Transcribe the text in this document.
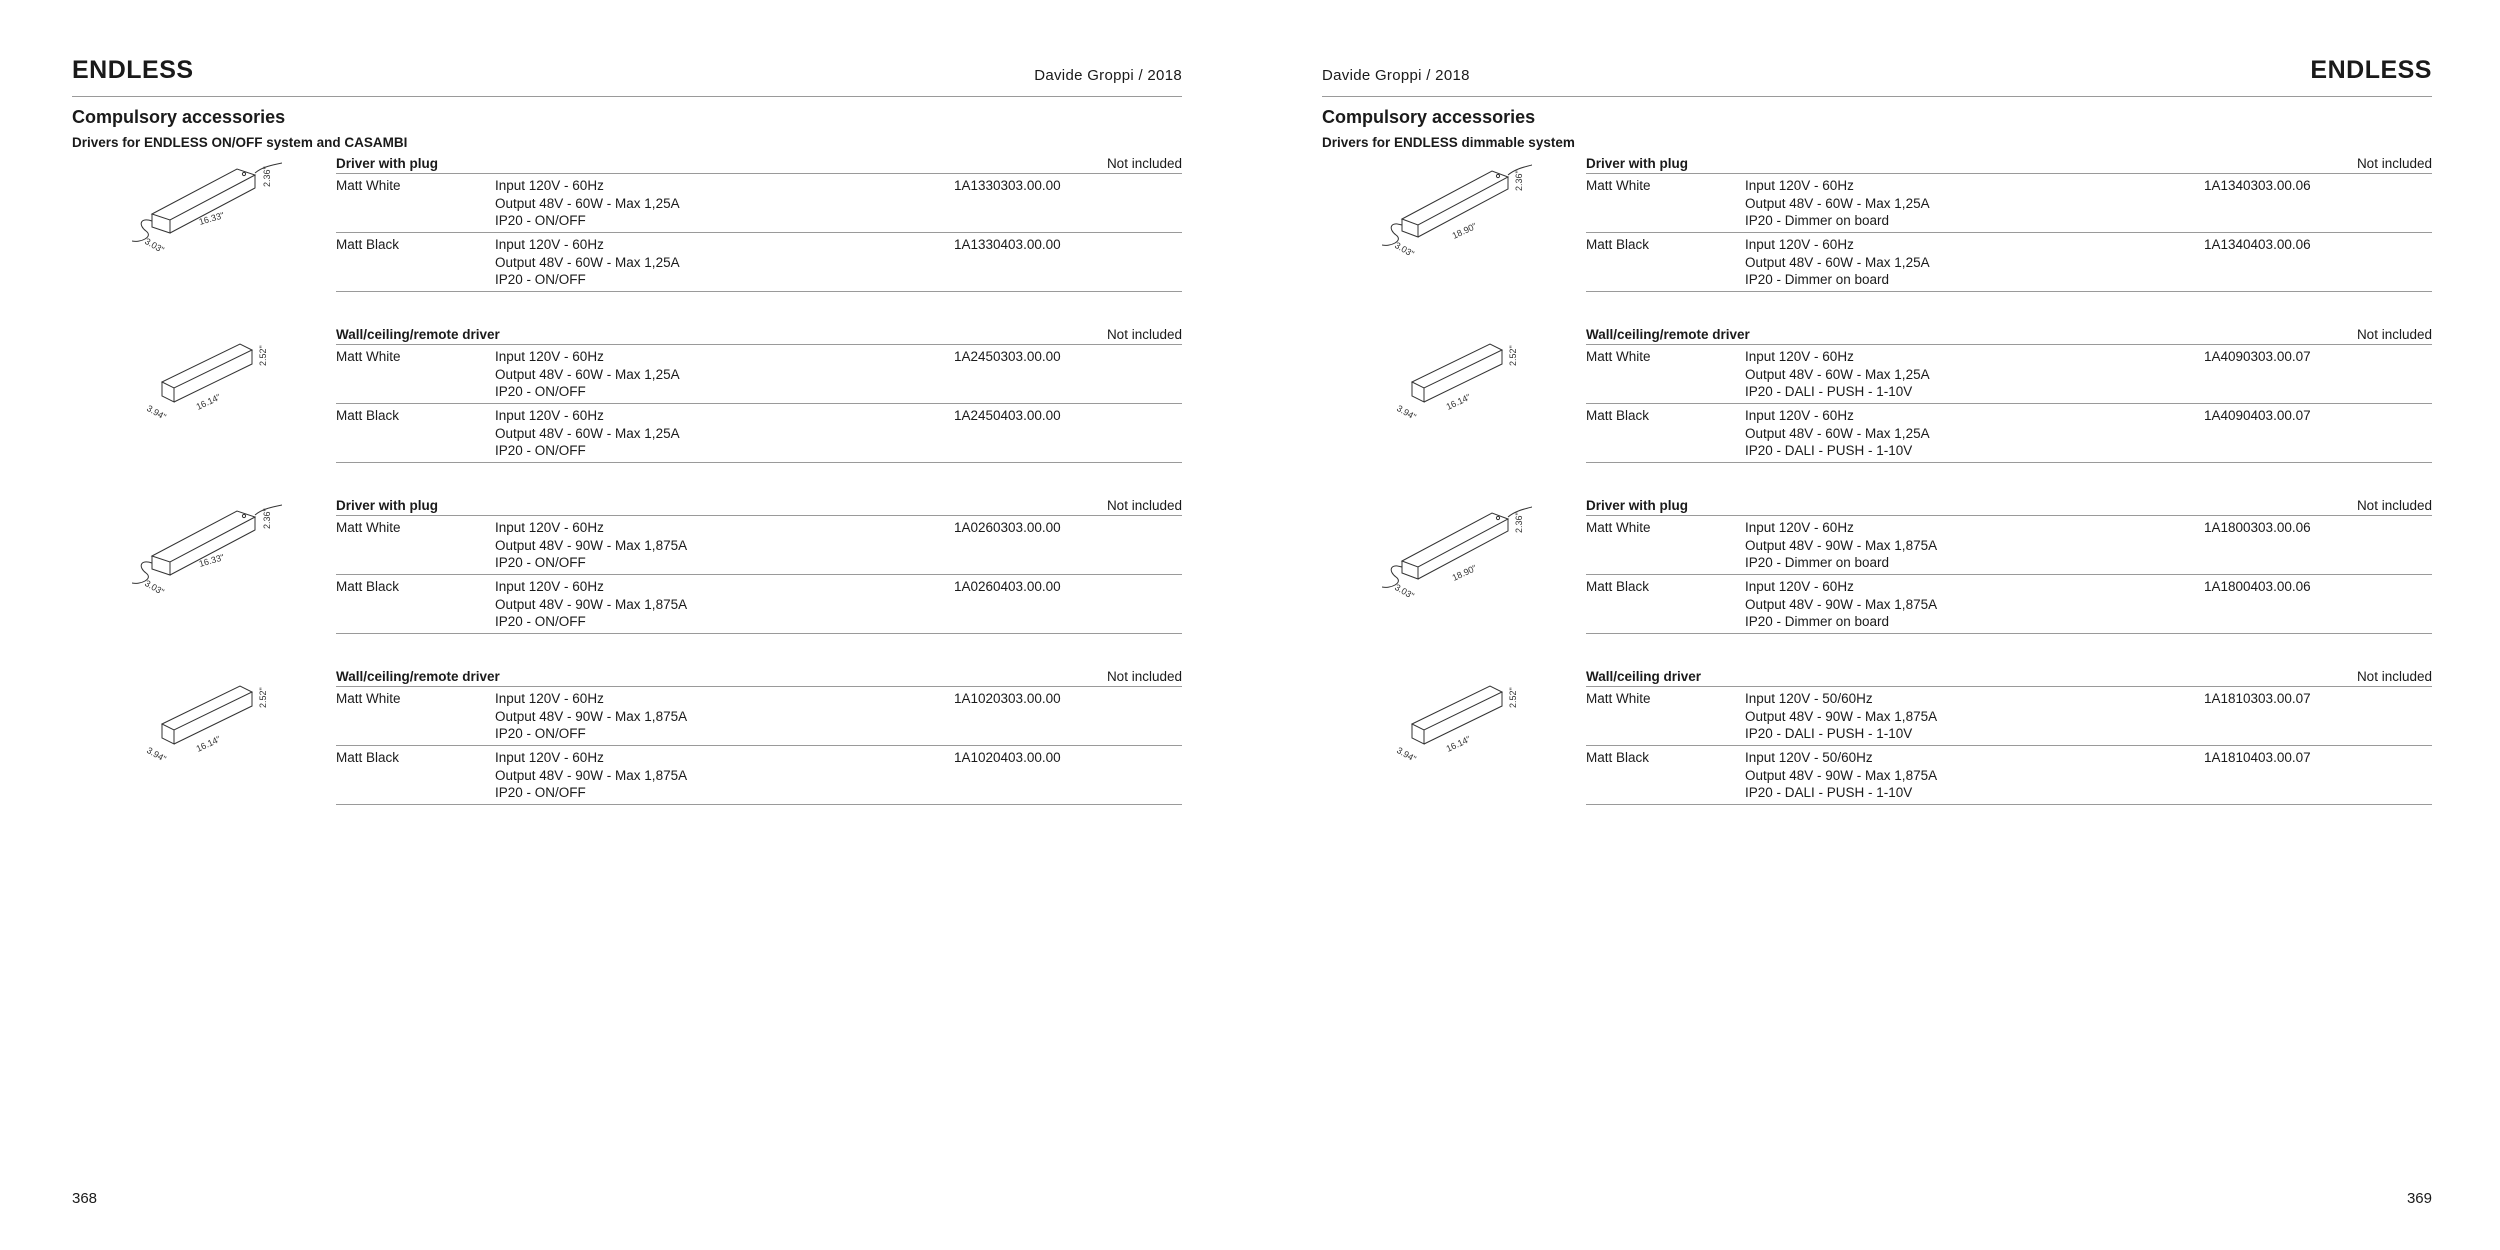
ENDLESS	Davide Groppi / 2018
Compulsory accessories
Drivers for ENDLESS ON/OFF system and CASAMBI
2.36"
16.33"
3.03"
Driver with plug	Not included
Matt White	Input 120V - 60Hz
Output 48V - 60W - Max 1,25A
IP20 - ON/OFF
1A1330303.00.00
Matt Black	Input 120V - 60Hz
Output 48V - 60W - Max 1,25A
IP20 - ON/OFF
1A1330403.00.00
2.52"
16.14"
3.94"
Wall/ceiling/remote driver	Not included
Matt White	Input 120V - 60Hz
Output 48V - 60W - Max 1,25A
IP20 - ON/OFF
1A2450303.00.00
Matt Black	Input 120V - 60Hz
Output 48V - 60W - Max 1,25A
IP20 - ON/OFF
1A2450403.00.00
2.36"
16.33"
3.03"
Driver with plug	Not included
Matt White	Input 120V - 60Hz
Output 48V - 90W - Max 1,875A
IP20 - ON/OFF
1A0260303.00.00
Matt Black	Input 120V - 60Hz
Output 48V - 90W - Max 1,875A
IP20 - ON/OFF
1A0260403.00.00
2.52"
16.14"
3.94"
Wall/ceiling/remote driver	Not included
Matt White	Input 120V - 60Hz
Output 48V - 90W - Max 1,875A
IP20 - ON/OFF
1A1020303.00.00
Matt Black	Input 120V - 60Hz
Output 48V - 90W - Max 1,875A
IP20 - ON/OFF
1A1020403.00.00
368
Davide Groppi / 2018	ENDLESS
Compulsory accessories
Drivers for ENDLESS dimmable system
2.36"
18.90"
3.03"
Driver with plug	Not included
Matt White	Input 120V - 60Hz
Output 48V - 60W - Max 1,25A
IP20 - Dimmer on board
1A1340303.00.06
Matt Black	Input 120V - 60Hz
Output 48V - 60W - Max 1,25A
IP20 - Dimmer on board
1A1340403.00.06
2.52"
16.14"
3.94"
Wall/ceiling/remote driver	Not included
Matt White	Input 120V - 60Hz
Output 48V - 60W - Max 1,25A
IP20 - DALI - PUSH - 1-10V
1A4090303.00.07
Matt Black	Input 120V - 60Hz
Output 48V - 60W - Max 1,25A
IP20 - DALI - PUSH - 1-10V
1A4090403.00.07
2.36"
18.90"
3.03"
Driver with plug	Not included
Matt White	Input 120V - 60Hz
Output 48V - 90W - Max 1,875A
IP20 - Dimmer on board
1A1800303.00.06
Matt Black	Input 120V - 60Hz
Output 48V - 90W - Max 1,875A
IP20 - Dimmer on board
1A1800403.00.06
2.52"
16.14"
3.94"
Wall/ceiling driver	Not included
Matt White	Input 120V - 50/60Hz
Output 48V - 90W - Max 1,875A
IP20 - DALI - PUSH - 1-10V
1A1810303.00.07
Matt Black	Input 120V - 50/60Hz
Output 48V - 90W - Max 1,875A
IP20 - DALI - PUSH - 1-10V
1A1810403.00.07
369
